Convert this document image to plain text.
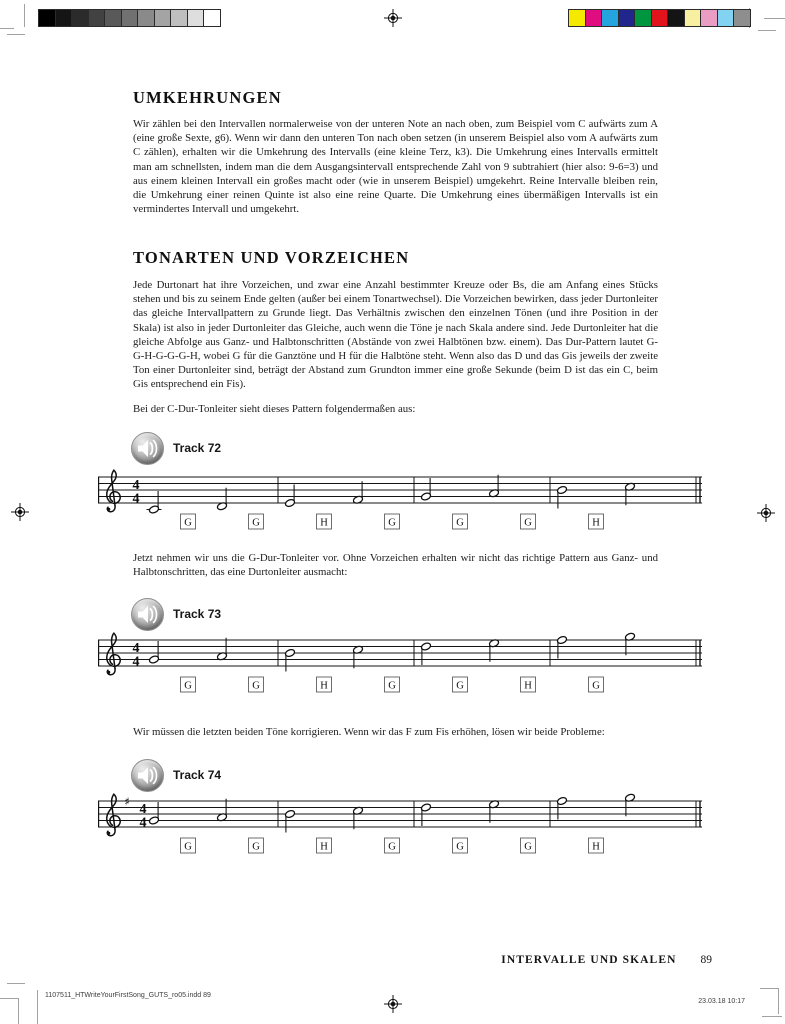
UMKEHRUNGEN
Wir zählen bei den Intervallen normalerweise von der unteren Note an nach oben, zum Beispiel vom C aufwärts zum A (eine große Sexte, g6). Wenn wir dann den unteren Ton nach oben setzen (in unserem Beispiel also vom A aufwärts zum C zählen), erhalten wir die Umkehrung des Intervalls (eine kleine Terz, k3). Die Umkehrung eines Intervalls ermittelt man am schnellsten, indem man die dem Ausgangsintervall entsprechende Zahl von 9 subtrahiert (hier also: 9-6=3) und aus einem kleinen Intervall ein großes macht oder (wie in unserem Beispiel) umgekehrt. Reine Intervalle bleiben rein, die Umkehrung einer reinen Quinte ist also eine reine Quarte. Die Umkehrung eines übermäßigen Intervalls ist ein vermindertes Intervall und umgekehrt.
TONARTEN UND VORZEICHEN
Jede Durtonart hat ihre Vorzeichen, und zwar eine Anzahl bestimmter Kreuze oder Bs, die am Anfang eines Stücks stehen und bis zu seinem Ende gelten (außer bei einem Tonartwechsel). Die Vorzeichen bewirken, dass jeder Durtonleiter das gleiche Intervallpattern zu Grunde liegt. Das Verhältnis zwischen den einzelnen Tönen (und ihre Position in der Skala) ist also in jeder Durtonleiter das Gleiche, auch wenn die Töne je nach Skala andere sind. Jede Durtonleiter hat die gleiche Abfolge aus Ganz- und Halbtonschritten (Abstände von zwei Halbtönen bzw. einem). Das Dur-Pattern lautet G-G-H-G-G-G-H, wobei G für die Ganztöne und H für die Halbtöne steht. Wenn also das D und das Gis jeweils der zweite Ton einer Durtonleiter sind, beträgt der Abstand zum Grundton immer eine große Sekunde (beim D ist das ein C, beim Gis entsprechend ein Fis).
Bei der C-Dur-Tonleiter sieht dieses Pattern folgendermaßen aus:
Track 72
4
4
G	G	H	G	G	G	H
Jetzt nehmen wir uns die G-Dur-Tonleiter vor. Ohne Vorzeichen erhalten wir nicht das richtige Pattern aus Ganz- und Halbtonschritten, das eine Durtonleiter ausmacht:
Track 73
4
4
G	G	H	G	G	H	G
Wir müssen die letzten beiden Töne korrigieren. Wenn wir das F zum Fis erhöhen, lösen wir beide Probleme:
Track 74
♯
4
4
G	G	H	G	G	G	H
INTERVALLE UND SKALEN 89
1107511_HTWriteYourFirstSong_GUTS_ro05.indd 89
23.03.18 10:17
